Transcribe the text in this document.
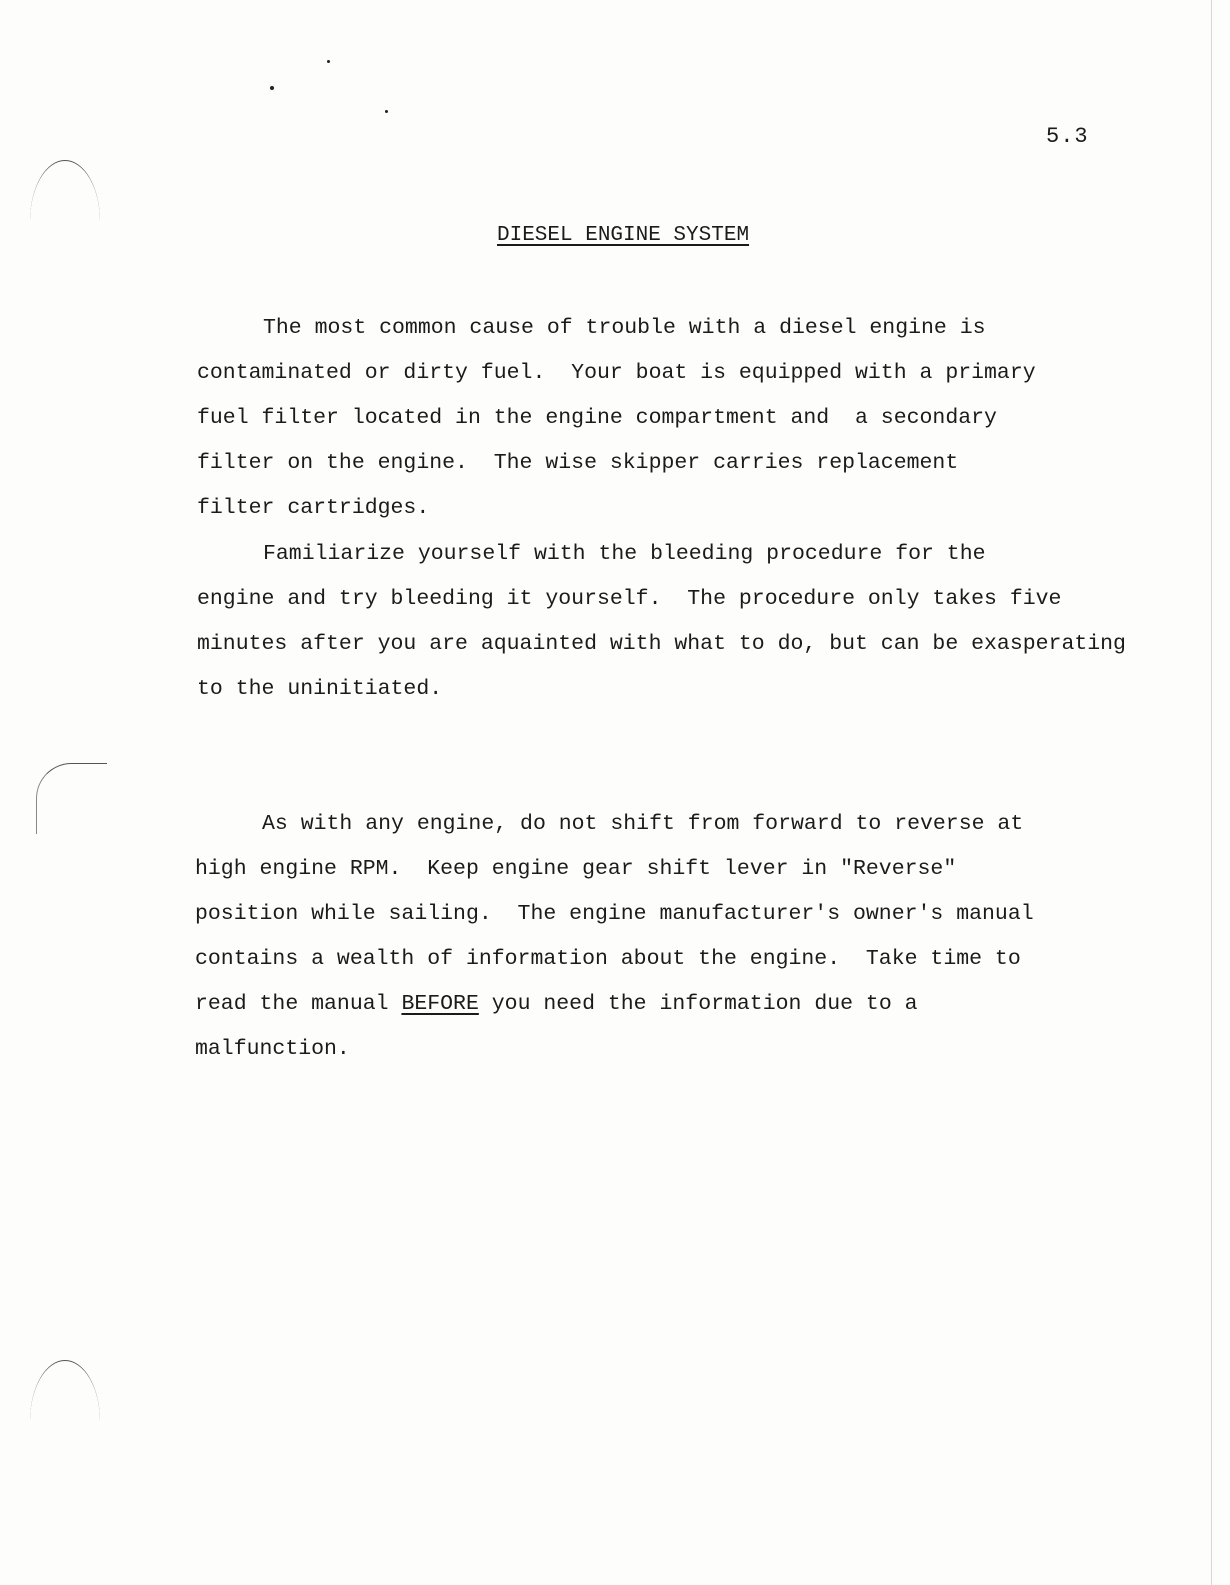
5.3
DIESEL ENGINE SYSTEM
The most common cause of trouble with a diesel engine is
contaminated or dirty fuel.  Your boat is equipped with a primary
fuel filter located in the engine compartment and  a secondary
filter on the engine.  The wise skipper carries replacement
filter cartridges.
Familiarize yourself with the bleeding procedure for the
engine and try bleeding it yourself.  The procedure only takes five
minutes after you are aquainted with what to do, but can be exasperating
to the uninitiated.
As with any engine, do not shift from forward to reverse at
high engine RPM.  Keep engine gear shift lever in "Reverse"
position while sailing.  The engine manufacturer's owner's manual
contains a wealth of information about the engine.  Take time to
read the manual BEFORE you need the information due to a
malfunction.
